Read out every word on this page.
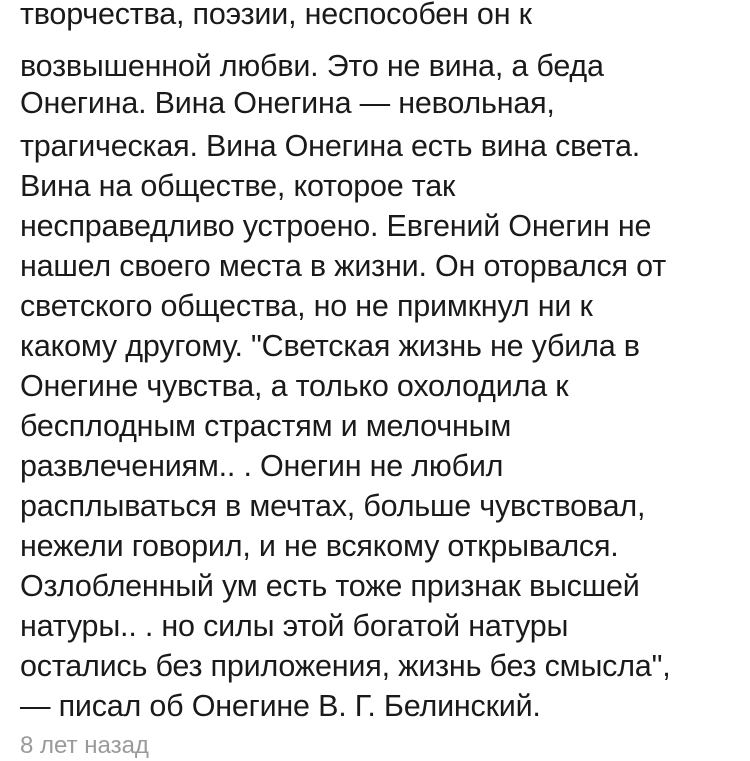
творчества, поэзии, неспособен он к
возвышенной любви. Это не вина, а беда
Онегина. Вина Онегина — невольная,
трагическая. Вина Онегина есть вина света.
Вина на обществе, которое так
несправедливо устроено. Евгений Онегин не
нашел своего места в жизни. Он оторвался от
светского общества, но не примкнул ни к
какому другому. "Светская жизнь не убила в
Онегине чувства, а только охолодила к
бесплодным страстям и мелочным
развлечениям.. . Онегин не любил
расплываться в мечтах, больше чувствовал,
нежели говорил, и не всякому открывался.
Озлобленный ум есть тоже признак высшей
натуры.. . но силы этой богатой натуры
остались без приложения, жизнь без смысла",
— писал об Онегине В. Г. Белинский.
8 лет назад
